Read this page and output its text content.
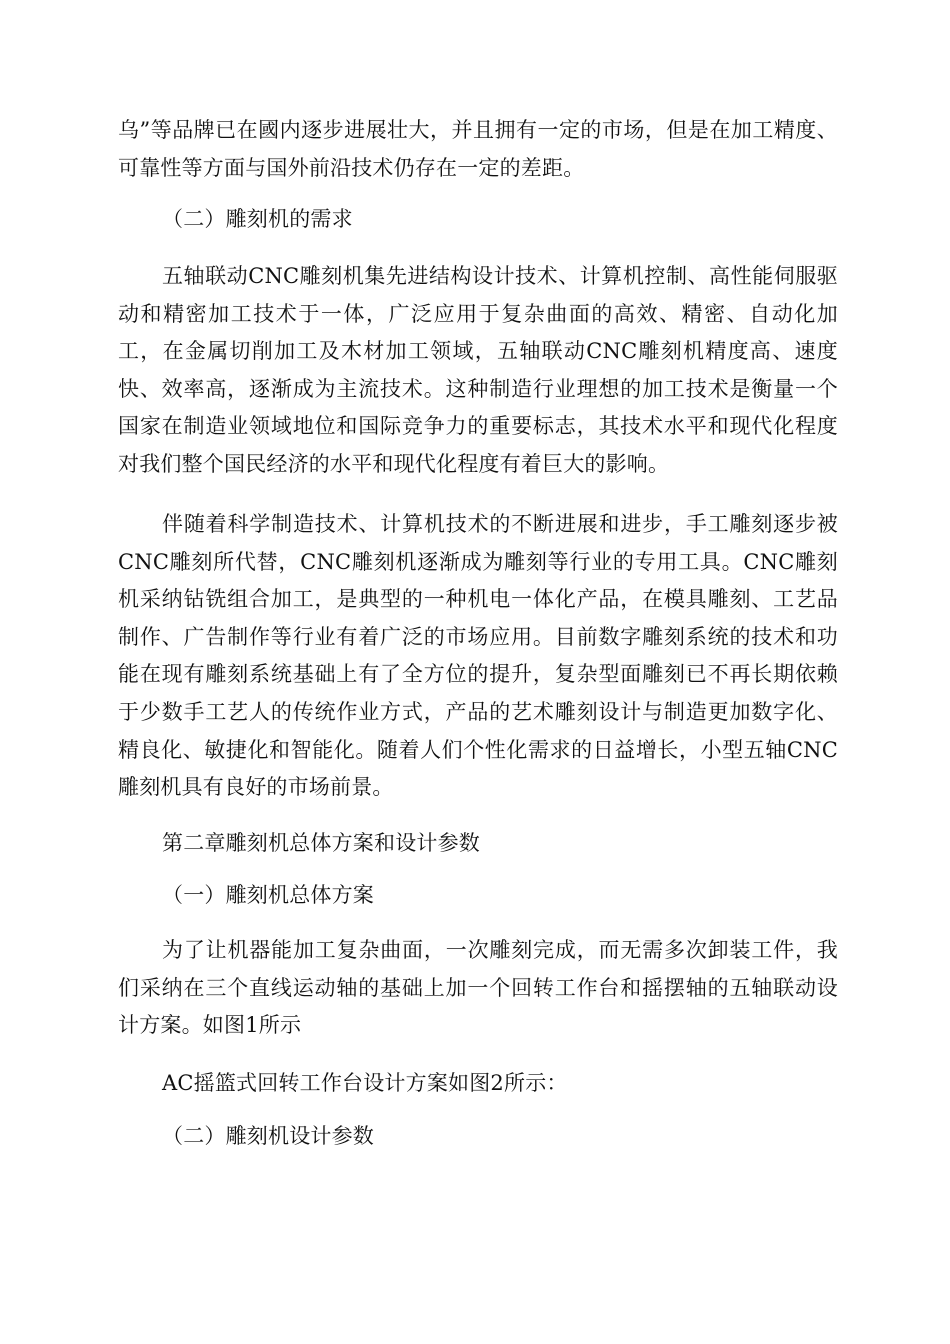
乌”等品牌已在國内逐步进展壮大，并且拥有一定的市场，但是在加工精度、可靠性等方面与国外前沿技术仍存在一定的差距。

（二）雕刻机的需求

五轴联动CNC雕刻机集先进结构设计技术、计算机控制、高性能伺服驱动和精密加工技术于一体，广泛应用于复杂曲面的高效、精密、自动化加工，在金属切削加工及木材加工领域，五轴联动CNC雕刻机精度高、速度快、效率高，逐渐成为主流技术。这种制造行业理想的加工技术是衡量一个国家在制造业领域地位和国际竞争力的重要标志，其技术水平和现代化程度对我们整个国民经济的水平和现代化程度有着巨大的影响。

伴随着科学制造技术、计算机技术的不断进展和进步，手工雕刻逐步被CNC雕刻所代替，CNC雕刻机逐渐成为雕刻等行业的专用工具。CNC雕刻机采纳钻铣组合加工，是典型的一种机电一体化产品，在模具雕刻、工艺品制作、广告制作等行业有着广泛的市场应用。目前数字雕刻系统的技术和功能在现有雕刻系统基础上有了全方位的提升，复杂型面雕刻已不再长期依赖于少数手工艺人的传统作业方式，产品的艺术雕刻设计与制造更加数字化、精良化、敏捷化和智能化。随着人们个性化需求的日益增长，小型五轴CNC雕刻机具有良好的市场前景。

第二章雕刻机总体方案和设计参数

（一）雕刻机总体方案

为了让机器能加工复杂曲面，一次雕刻完成，而无需多次卸装工件，我们采纳在三个直线运动轴的基础上加一个回转工作台和摇摆轴的五轴联动设计方案。如图1所示

AC摇篮式回转工作台设计方案如图2所示：

（二）雕刻机设计参数
